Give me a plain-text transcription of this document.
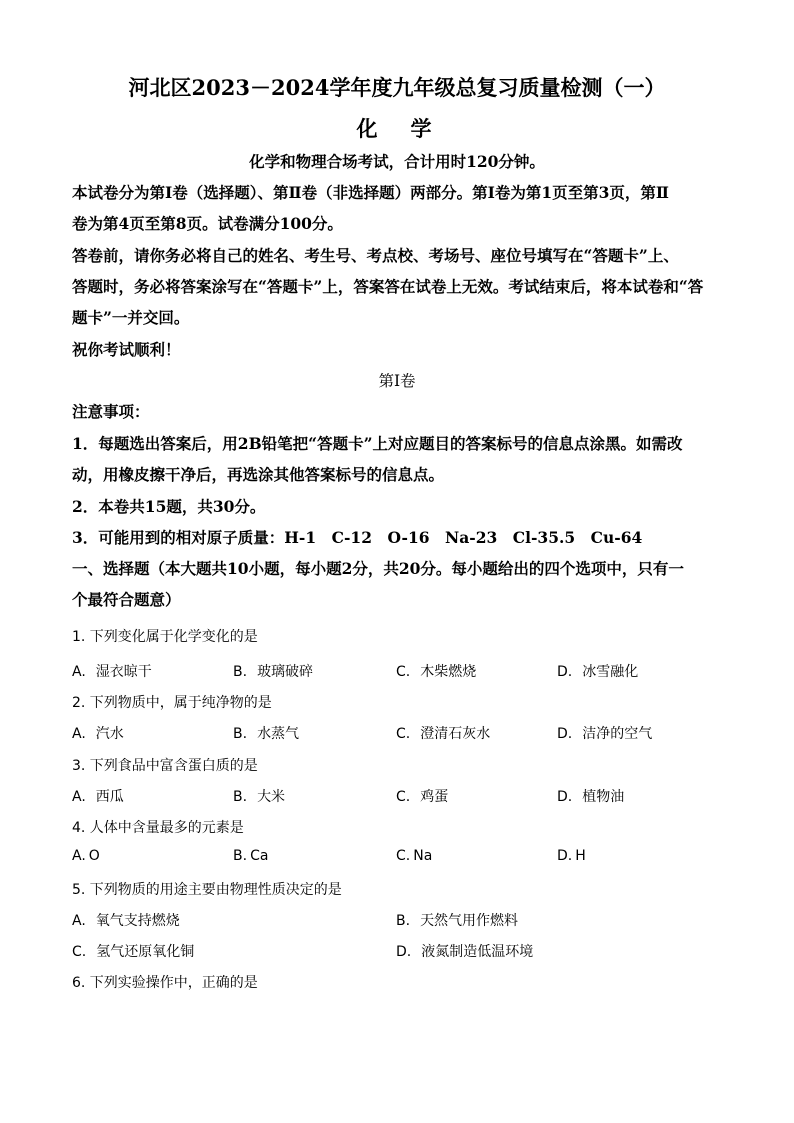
河北区2023－2024学年度九年级总复习质量检测（一）
化　学
化学和物理合场考试，合计用时120分钟。
本试卷分为第Ⅰ卷（选择题）、第Ⅱ卷（非选择题）两部分。第Ⅰ卷为第1页至第3页，第Ⅱ
卷为第4页至第8页。试卷满分100分。
答卷前，请你务必将自己的姓名、考生号、考点校、考场号、座位号填写在“答题卡”上、
答题时，务必将答案涂写在“答题卡”上，答案答在试卷上无效。考试结束后，将本试卷和“答
题卡”一并交回。
祝你考试顺利！
第Ⅰ卷
注意事项：
1．每题选出答案后，用2B铅笔把“答题卡”上对应题目的答案标号的信息点涂黑。如需改
动，用橡皮擦干净后，再选涂其他答案标号的信息点。
2．本卷共15题，共30分。
3．可能用到的相对原子质量：H-1　C-12　O-16　Na-23　Cl-35.5　Cu-64
一、选择题（本大题共10小题，每小题2分，共20分。每小题给出的四个选项中，只有一
个最符合题意）
1. 下列变化属于化学变化的是
A. 湿衣晾干	B. 玻璃破碎	C. 木柴燃烧	D. 冰雪融化
2. 下列物质中，属于纯净物的是
A. 汽水	B. 水蒸气	C. 澄清石灰水	D. 洁净的空气
3. 下列食品中富含蛋白质的是
A. 西瓜	B. 大米	C. 鸡蛋	D. 植物油
4. 人体中含量最多的元素是
A. O	B. Ca	C. Na	D. H
5. 下列物质的用途主要由物理性质决定的是
A. 氧气支持燃烧	B. 天然气用作燃料
C. 氢气还原氧化铜	D. 液氮制造低温环境
6. 下列实验操作中，正确的是
